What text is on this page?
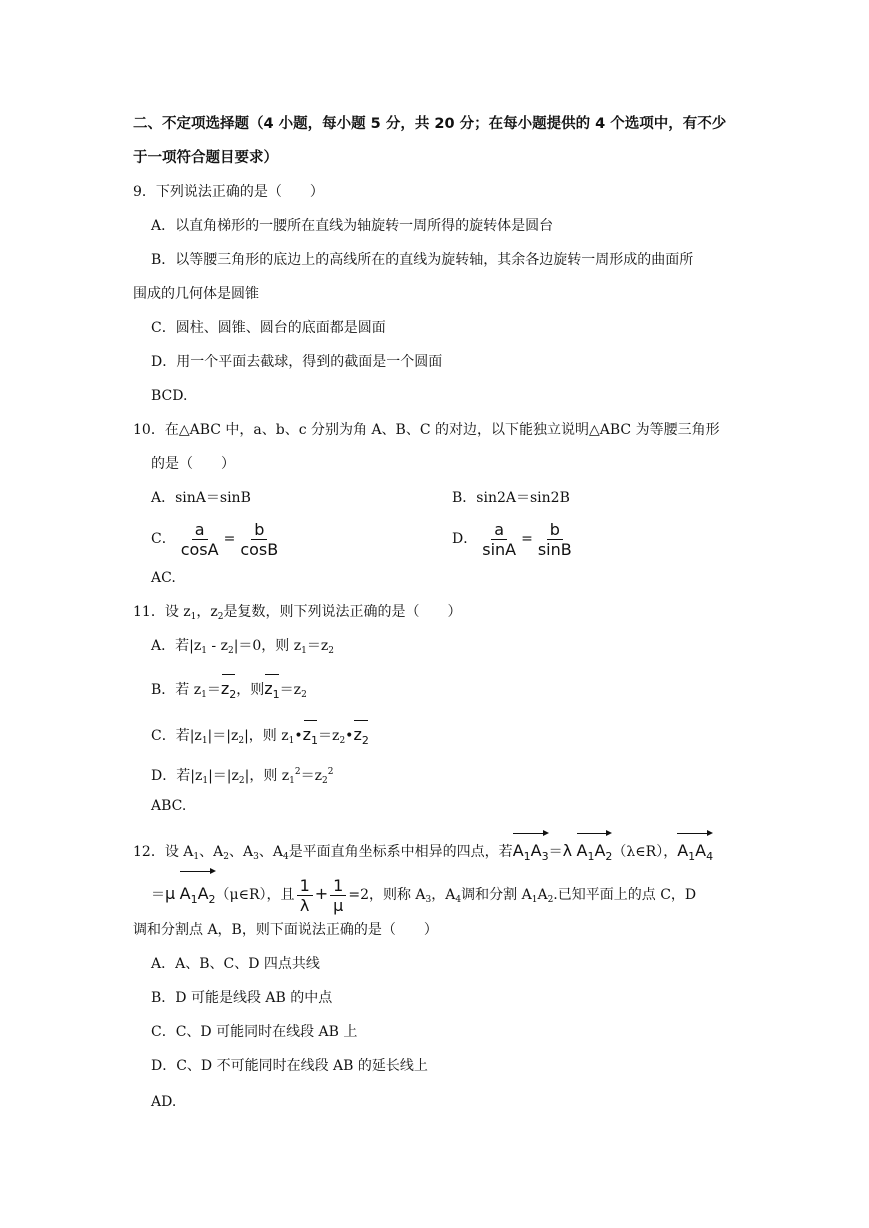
二、不定项选择题（4 小题，每小题 5 分，共 20 分；在每小题提供的 4 个选项中，有不少
于一项符合题目要求）
9．下列说法正确的是（　　）
A．以直角梯形的一腰所在直线为轴旋转一周所得的旋转体是圆台
B．以等腰三角形的底边上的高线所在的直线为旋转轴，其余各边旋转一周形成的曲面所
围成的几何体是圆锥
C．圆柱、圆锥、圆台的底面都是圆面
D．用一个平面去截球，得到的截面是一个圆面
BCD.
10．在△ABC 中，a、b、c 分别为角 A、B、C 的对边，以下能独立说明△ABC 为等腰三角形
的是（　　）
A．sinA＝sinB	B．sin2A＝sin2B
C． $\frac{a}{\cos A} = \frac{b}{\cos B}$	D． $\frac{a}{\sin A} = \frac{b}{\sin B}$
AC.
11．设 $z_1$，$z_2$是复数，则下列说法正确的是（　　）
A．若$|z_1 - z_2|=0$，则 $z_1=z_2$
B．若 $z_1=z_2$，则$z_1=z_2$
C．若$|z_1|=|z_2|$，则 $z_1•z_1=z_2•z_2$
D．若$|z_1|=|z_2|$，则 $z_1^2=z_2^2$
ABC.
12．设 $A_1$、$A_2$、$A_3$、$A_4$是平面直角坐标系中相异的四点，若$A_1A_3=\lambda$ $A_1A_2(\lambda\in R)$，$A_1A_4$
＝μ $A_1A_2(\mu\in R)$，且 $\frac{1}{\lambda} + \frac{1}{\mu} =2$，则称 $A_3$，$A_4$调和分割 $A_1A_2$.已知平面上的点 C，D
调和分割点 A，B，则下面说法正确的是（　　）
A．A、B、C、D 四点共线
B．D 可能是线段 AB 的中点
C．C、D 可能同时在线段 AB 上
D．C、D 不可能同时在线段 AB 的延长线上
AD.
